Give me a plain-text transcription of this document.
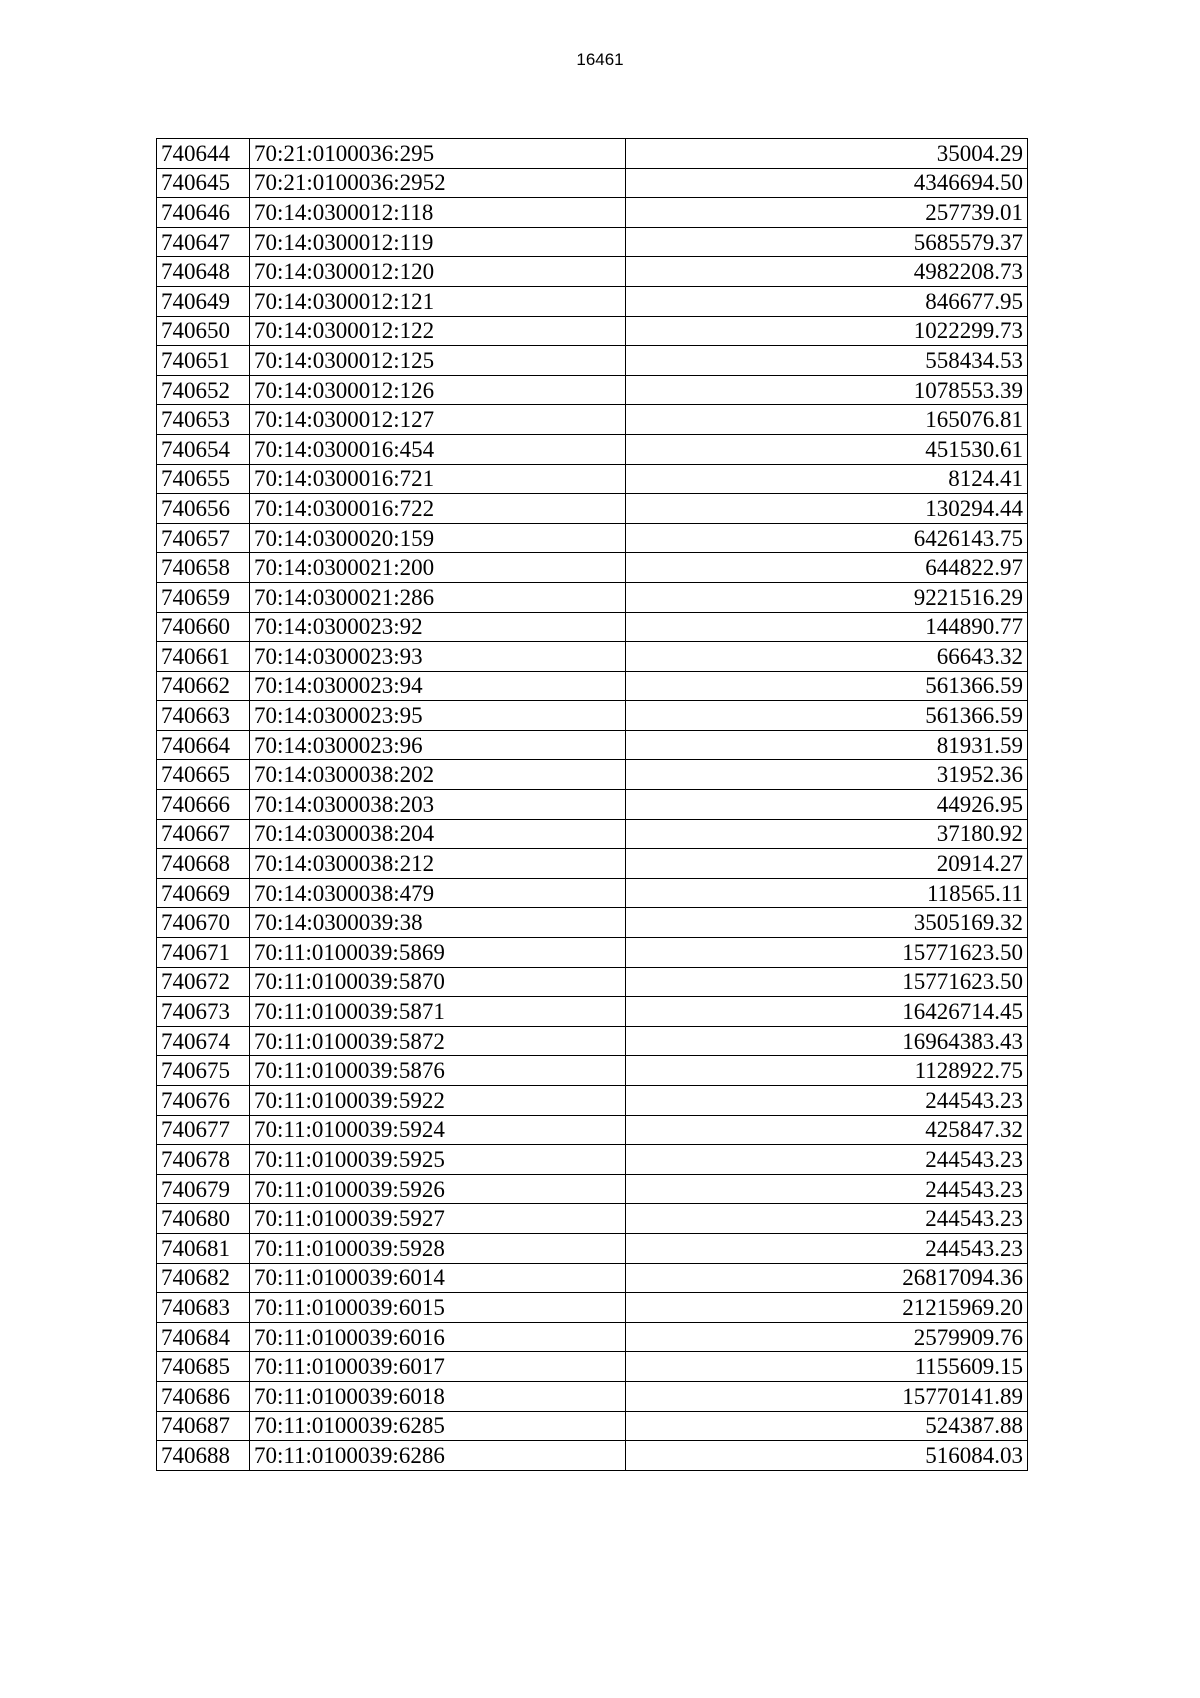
16461
740644	70:21:0100036:295	35004.29
740645	70:21:0100036:2952	4346694.50
740646	70:14:0300012:118	257739.01
740647	70:14:0300012:119	5685579.37
740648	70:14:0300012:120	4982208.73
740649	70:14:0300012:121	846677.95
740650	70:14:0300012:122	1022299.73
740651	70:14:0300012:125	558434.53
740652	70:14:0300012:126	1078553.39
740653	70:14:0300012:127	165076.81
740654	70:14:0300016:454	451530.61
740655	70:14:0300016:721	8124.41
740656	70:14:0300016:722	130294.44
740657	70:14:0300020:159	6426143.75
740658	70:14:0300021:200	644822.97
740659	70:14:0300021:286	9221516.29
740660	70:14:0300023:92	144890.77
740661	70:14:0300023:93	66643.32
740662	70:14:0300023:94	561366.59
740663	70:14:0300023:95	561366.59
740664	70:14:0300023:96	81931.59
740665	70:14:0300038:202	31952.36
740666	70:14:0300038:203	44926.95
740667	70:14:0300038:204	37180.92
740668	70:14:0300038:212	20914.27
740669	70:14:0300038:479	118565.11
740670	70:14:0300039:38	3505169.32
740671	70:11:0100039:5869	15771623.50
740672	70:11:0100039:5870	15771623.50
740673	70:11:0100039:5871	16426714.45
740674	70:11:0100039:5872	16964383.43
740675	70:11:0100039:5876	1128922.75
740676	70:11:0100039:5922	244543.23
740677	70:11:0100039:5924	425847.32
740678	70:11:0100039:5925	244543.23
740679	70:11:0100039:5926	244543.23
740680	70:11:0100039:5927	244543.23
740681	70:11:0100039:5928	244543.23
740682	70:11:0100039:6014	26817094.36
740683	70:11:0100039:6015	21215969.20
740684	70:11:0100039:6016	2579909.76
740685	70:11:0100039:6017	1155609.15
740686	70:11:0100039:6018	15770141.89
740687	70:11:0100039:6285	524387.88
740688	70:11:0100039:6286	516084.03
